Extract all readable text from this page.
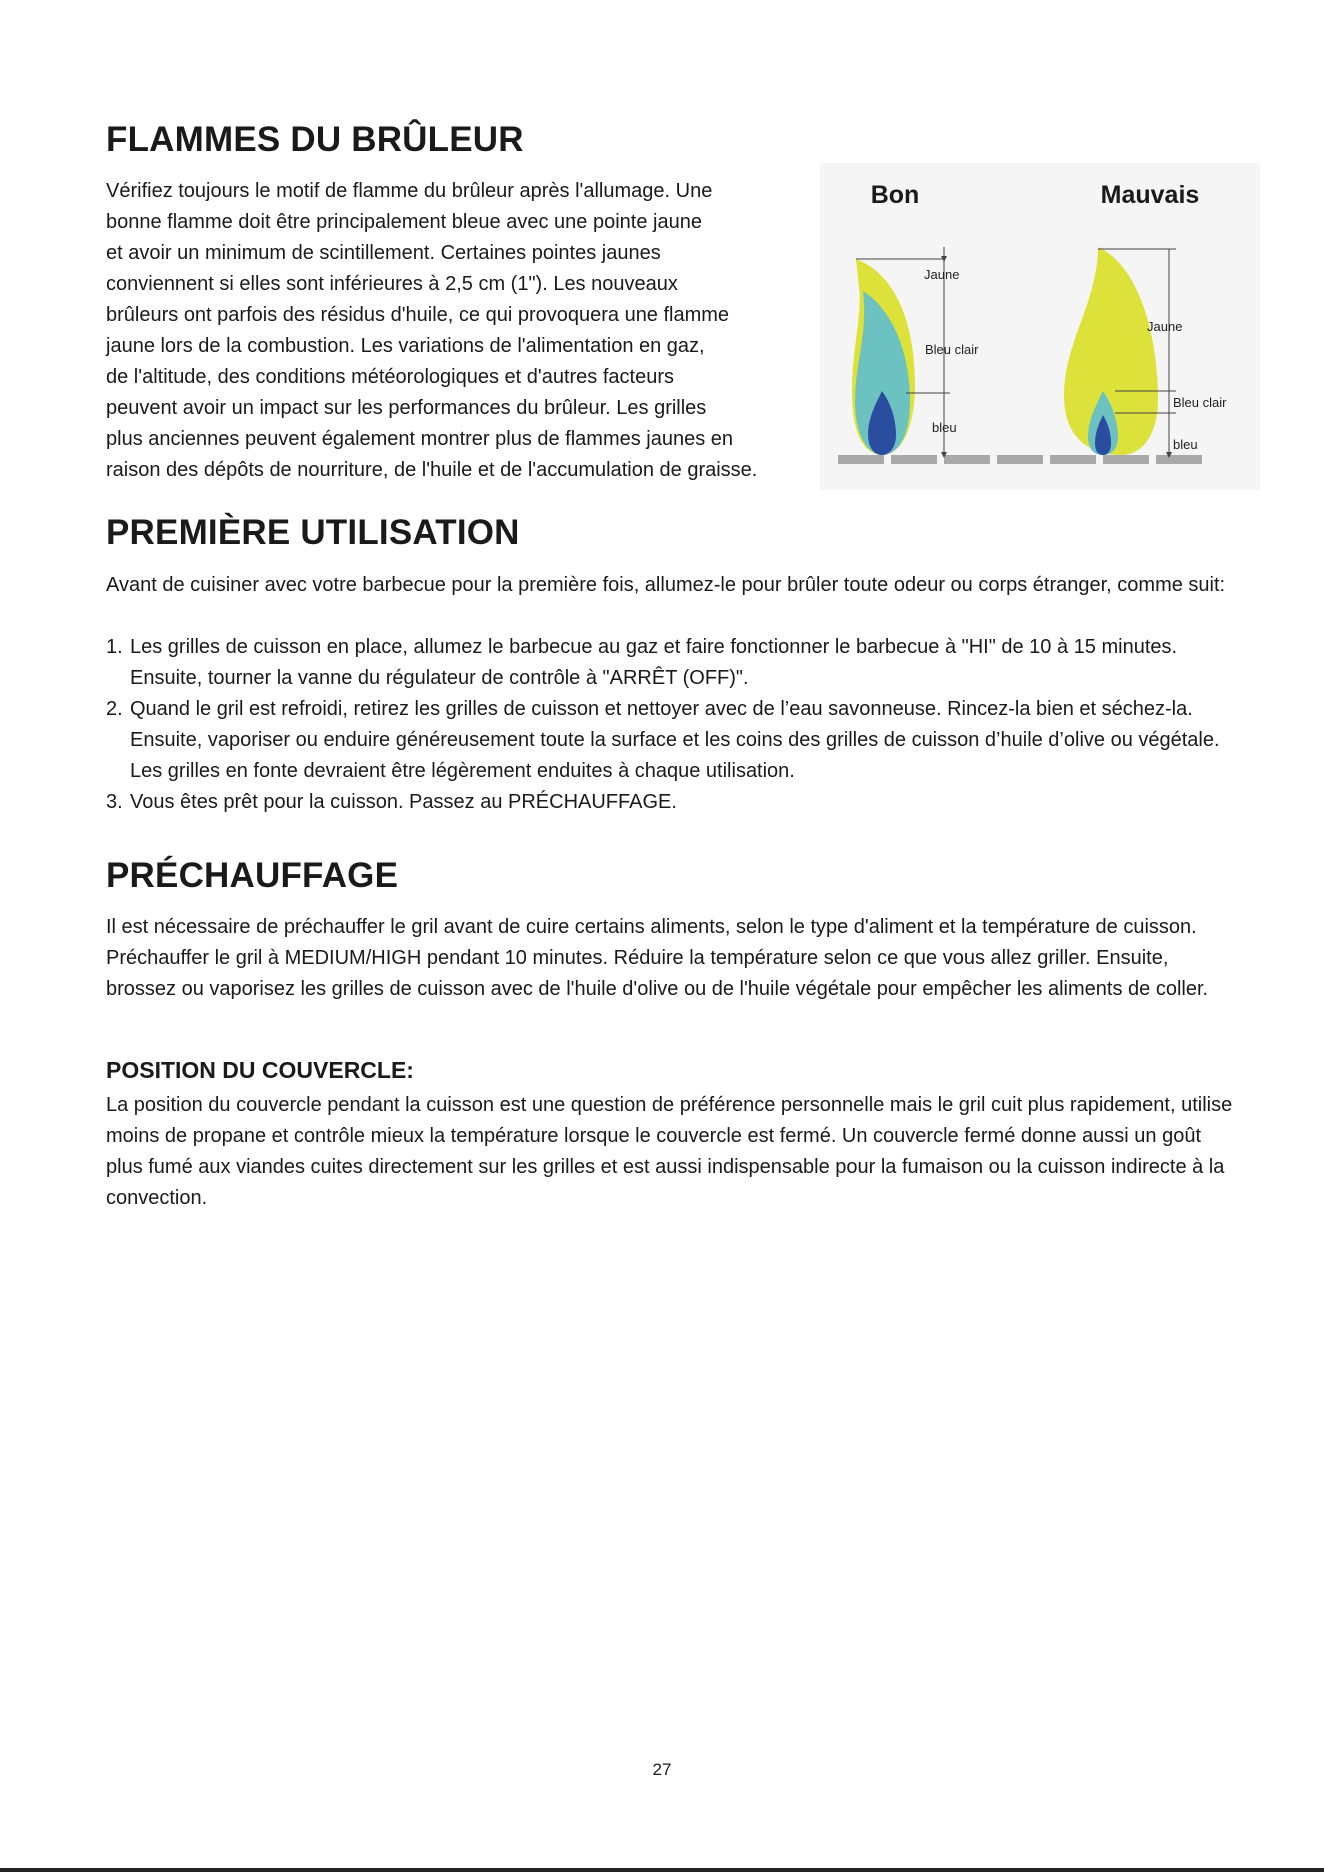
FLAMMES DU BRÛLEUR
Vérifiez toujours le motif de flamme du brûleur après l'allumage. Une
bonne flamme doit être principalement bleue avec une pointe jaune
et avoir un minimum de scintillement. Certaines pointes jaunes
conviennent si elles sont inférieures à 2,5 cm (1"). Les nouveaux
brûleurs ont parfois des résidus d'huile, ce qui provoquera une flamme
jaune lors de la combustion. Les variations de l'alimentation en gaz,
de l'altitude, des conditions météorologiques et d'autres facteurs
peuvent avoir un impact sur les performances du brûleur. Les grilles
plus anciennes peuvent également montrer plus de flammes jaunes en
raison des dépôts de nourriture, de l'huile et de l'accumulation de graisse.
Bon	Mauvais
Jaune
Bleu clair
bleu
Jaune
Bleu clair
bleu
PREMIÈRE UTILISATION
Avant de cuisiner avec votre barbecue pour la première fois, allumez-le pour brûler toute odeur ou corps étranger, comme suit:
1. Les grilles de cuisson en place, allumez le barbecue au gaz et faire fonctionner le barbecue à "HI" de 10 à 15 minutes. Ensuite, tourner la vanne du régulateur de contrôle à "ARRÊT (OFF)".
2. Quand le gril est refroidi, retirez les grilles de cuisson et nettoyer avec de l’eau savonneuse. Rincez-la bien et séchez-la. Ensuite, vaporiser ou enduire généreusement toute la surface et les coins des grilles de cuisson d’huile d’olive ou végétale. Les grilles en fonte devraient être légèrement enduites à chaque utilisation.
3. Vous êtes prêt pour la cuisson. Passez au PRÉCHAUFFAGE.
PRÉCHAUFFAGE
Il est nécessaire de préchauffer le gril avant de cuire certains aliments, selon le type d'aliment et la température de cuisson. Préchauffer le gril à MEDIUM/HIGH pendant 10 minutes. Réduire la température selon ce que vous allez griller. Ensuite, brossez ou vaporisez les grilles de cuisson avec de l'huile d'olive ou de l'huile végétale pour empêcher les aliments de coller.
POSITION DU COUVERCLE:
La position du couvercle pendant la cuisson est une question de préférence personnelle mais le gril cuit plus rapidement, utilise moins de propane et contrôle mieux la température lorsque le couvercle est fermé. Un couvercle fermé donne aussi un goût plus fumé aux viandes cuites directement sur les grilles et est aussi indispensable pour la fumaison ou la cuisson indirecte à la convection.
27
